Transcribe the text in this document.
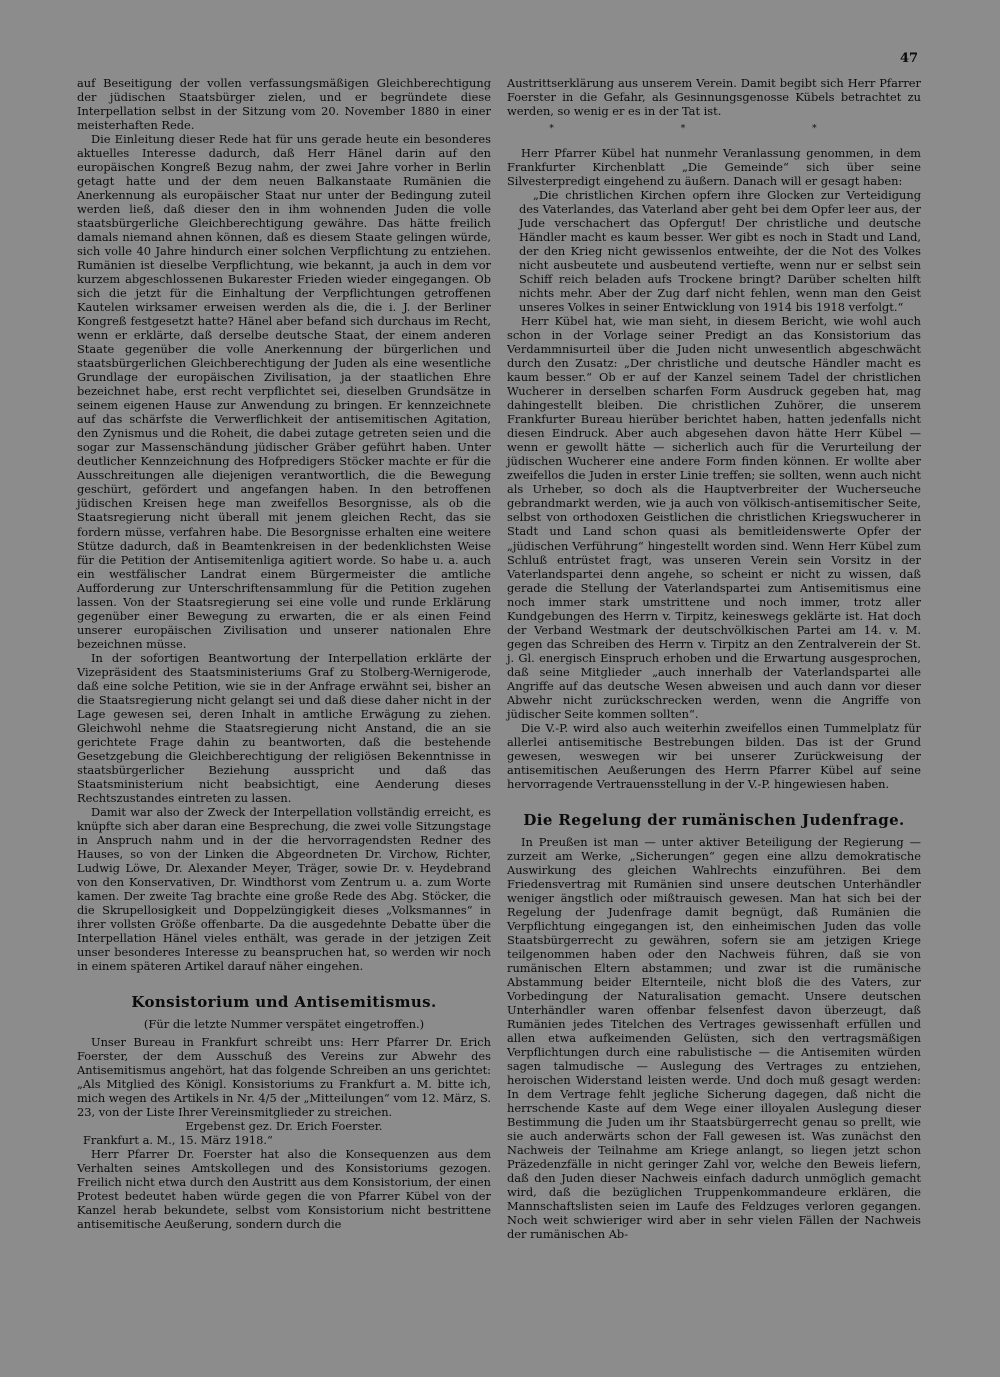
47

auf Beseitigung der vollen verfassungsmäßigen Gleichberechtigung der jüdischen Staatsbürger zielen, und er begründete diese Interpellation selbst in der Sitzung vom 20. November 1880 in einer meisterhaften Rede.

Die Einleitung dieser Rede hat für uns gerade heute ein besonderes aktuelles Interesse dadurch, daß Herr Hänel darin auf den europäischen Kongreß Bezug nahm, der zwei Jahre vorher in Berlin getagt hatte und der dem neuen Balkanstaate Rumänien die Anerkennung als europäischer Staat nur unter der Bedingung zuteil werden ließ, daß dieser den in ihm wohnenden Juden die volle staatsbürgerliche Gleichberechtigung gewähre. Das hätte freilich damals niemand ahnen können, daß es diesem Staate gelingen würde, sich volle 40 Jahre hindurch einer solchen Verpflichtung zu entziehen. Rumänien ist dieselbe Verpflichtung, wie bekannt, ja auch in dem vor kurzem abgeschlossenen Bukarester Frieden wieder eingegangen. Ob sich die jetzt für die Einhaltung der Verpflichtungen getroffenen Kautelen wirksamer erweisen werden als die, die i. J. der Berliner Kongreß festgesetzt hatte? Hänel aber befand sich durchaus im Recht, wenn er erklärte, daß derselbe deutsche Staat, der einem anderen Staate gegenüber die volle Anerkennung der bürgerlichen und staatsbürgerlichen Gleichberechtigung der Juden als eine wesentliche Grundlage der europäischen Zivilisation, ja der staatlichen Ehre bezeichnet habe, erst recht verpflichtet sei, dieselben Grundsätze in seinem eigenen Hause zur Anwendung zu bringen. Er kennzeichnete auf das schärfste die Verwerflichkeit der antisemitischen Agitation, den Zynismus und die Roheit, die dabei zutage getreten seien und die sogar zur Massenschändung jüdischer Gräber geführt haben. Unter deutlicher Kennzeichnung des Hofpredigers Stöcker machte er für die Ausschreitungen alle diejenigen verantwortlich, die die Bewegung geschürt, gefördert und angefangen haben. In den betroffenen jüdischen Kreisen hege man zweifellos Besorgnisse, als ob die Staatsregierung nicht überall mit jenem gleichen Recht, das sie fordern müsse, verfahren habe. Die Besorgnisse erhalten eine weitere Stütze dadurch, daß in Beamtenkreisen in der bedenklichsten Weise für die Petition der Antisemitenliga agitiert worde. So habe u. a. auch ein westfälischer Landrat einem Bürgermeister die amtliche Aufforderung zur Unterschriftensammlung für die Petition zugehen lassen. Von der Staatsregierung sei eine volle und runde Erklärung gegenüber einer Bewegung zu erwarten, die er als einen Feind unserer europäischen Zivilisation und unserer nationalen Ehre bezeichnen müsse.

In der sofortigen Beantwortung der Interpellation erklärte der Vizepräsident des Staatsministeriums Graf zu Stolberg-Wernigerode, daß eine solche Petition, wie sie in der Anfrage erwähnt sei, bisher an die Staatsregierung nicht gelangt sei und daß diese daher nicht in der Lage gewesen sei, deren Inhalt in amtliche Erwägung zu ziehen. Gleichwohl nehme die Staatsregierung nicht Anstand, die an sie gerichtete Frage dahin zu beantworten, daß die bestehende Gesetzgebung die Gleichberechtigung der religiösen Bekenntnisse in staatsbürgerlicher Beziehung ausspricht und daß das Staatsministerium nicht beabsichtigt, eine Aenderung dieses Rechtszustandes eintreten zu lassen.

Damit war also der Zweck der Interpellation vollständig erreicht, es knüpfte sich aber daran eine Besprechung, die zwei volle Sitzungstage in Anspruch nahm und in der die hervorragendsten Redner des Hauses, so von der Linken die Abgeordneten Dr. Virchow, Richter, Ludwig Löwe, Dr. Alexander Meyer, Träger, sowie Dr. v. Heydebrand von den Konservativen, Dr. Windthorst vom Zentrum u. a. zum Worte kamen. Der zweite Tag brachte eine große Rede des Abg. Stöcker, die die Skrupellosigkeit und Doppelzüngigkeit dieses „Volksmannes“ in ihrer vollsten Größe offenbarte. Da die ausgedehnte Debatte über die Interpellation Hänel vieles enthält, was gerade in der jetzigen Zeit unser besonderes Interesse zu beanspruchen hat, so werden wir noch in einem späteren Artikel darauf näher eingehen.

Konsistorium und Antisemitismus.
(Für die letzte Nummer verspätet eingetroffen.)

Unser Bureau in Frankfurt schreibt uns: Herr Pfarrer Dr. Erich Foerster, der dem Ausschuß des Vereins zur Abwehr des Antisemitismus angehört, hat das folgende Schreiben an uns gerichtet: „Als Mitglied des Königl. Konsistoriums zu Frankfurt a. M. bitte ich, mich wegen des Artikels in Nr. 4/5 der „Mitteilungen“ vom 12. März, S. 23, von der Liste Ihrer Vereinsmitglieder zu streichen.

Ergebenst gez. Dr. Erich Foerster.

Frankfurt a. M., 15. März 1918.“

Herr Pfarrer Dr. Foerster hat also die Konsequenzen aus dem Verhalten seines Amtskollegen und des Konsistoriums gezogen. Freilich nicht etwa durch den Austritt aus dem Konsistorium, der einen Protest bedeutet haben würde gegen die von Pfarrer Kübel von der Kanzel herab bekundete, selbst vom Konsistorium nicht bestrittene antisemitische Aeußerung, sondern durch die

Austrittserklärung aus unserem Verein. Damit begibt sich Herr Pfarrer Foerster in die Gefahr, als Gesinnungsgenosse Kübels betrachtet zu werden, so wenig er es in der Tat ist.

* * *

Herr Pfarrer Kübel hat nunmehr Veranlassung genommen, in dem Frankfurter Kirchenblatt „Die Gemeinde“ sich über seine Silvesterpredigt eingehend zu äußern. Danach will er gesagt haben:

„Die christlichen Kirchen opfern ihre Glocken zur Verteidigung des Vaterlandes, das Vaterland aber geht bei dem Opfer leer aus, der Jude verschachert das Opfergut! Der christliche und deutsche Händler macht es kaum besser. Wer gibt es noch in Stadt und Land, der den Krieg nicht gewissenlos entweihte, der die Not des Volkes nicht ausbeutete und ausbeutend vertiefte, wenn nur er selbst sein Schiff reich beladen aufs Trockene bringt? Darüber schelten hilft nichts mehr. Aber der Zug darf nicht fehlen, wenn man den Geist unseres Volkes in seiner Entwicklung von 1914 bis 1918 verfolgt.“

Herr Kübel hat, wie man sieht, in diesem Bericht, wie wohl auch schon in der Vorlage seiner Predigt an das Konsistorium das Verdammnisurteil über die Juden nicht unwesentlich abgeschwächt durch den Zusatz: „Der christliche und deutsche Händler macht es kaum besser.“ Ob er auf der Kanzel seinem Tadel der christlichen Wucherer in derselben scharfen Form Ausdruck gegeben hat, mag dahingestellt bleiben. Die christlichen Zuhörer, die unserem Frankfurter Bureau hierüber berichtet haben, hatten jedenfalls nicht diesen Eindruck. Aber auch abgesehen davon hätte Herr Kübel — wenn er gewollt hätte — sicherlich auch für die Verurteilung der jüdischen Wucherer eine andere Form finden können. Er wollte aber zweifellos die Juden in erster Linie treffen; sie sollten, wenn auch nicht als Urheber, so doch als die Hauptverbreiter der Wucherseuche gebrandmarkt werden, wie ja auch von völkisch-antisemitischer Seite, selbst von orthodoxen Geistlichen die christlichen Kriegswucherer in Stadt und Land schon quasi als bemitleidenswerte Opfer der „jüdischen Verführung“ hingestellt worden sind. Wenn Herr Kübel zum Schluß entrüstet fragt, was unseren Verein sein Vorsitz in der Vaterlandspartei denn angehe, so scheint er nicht zu wissen, daß gerade die Stellung der Vaterlandspartei zum Antisemitismus eine noch immer stark umstrittene und noch immer, trotz aller Kundgebungen des Herrn v. Tirpitz, keineswegs geklärte ist. Hat doch der Verband Westmark der deutschvölkischen Partei am 14. v. M. gegen das Schreiben des Herrn v. Tirpitz an den Zentralverein der St. j. Gl. energisch Einspruch erhoben und die Erwartung ausgesprochen, daß seine Mitglieder „auch innerhalb der Vaterlandspartei alle Angriffe auf das deutsche Wesen abweisen und auch dann vor dieser Abwehr nicht zurückschrecken werden, wenn die Angriffe von jüdischer Seite kommen sollten“.

Die V.-P. wird also auch weiterhin zweifellos einen Tummelplatz für allerlei antisemitische Bestrebungen bilden. Das ist der Grund gewesen, weswegen wir bei unserer Zurückweisung der antisemitischen Aeußerungen des Herrn Pfarrer Kübel auf seine hervorragende Vertrauensstellung in der V.-P. hingewiesen haben.

Die Regelung der rumänischen Judenfrage.

In Preußen ist man — unter aktiver Beteiligung der Regierung — zurzeit am Werke, „Sicherungen“ gegen eine allzu demokratische Auswirkung des gleichen Wahlrechts einzuführen. Bei dem Friedensvertrag mit Rumänien sind unsere deutschen Unterhändler weniger ängstlich oder mißtrauisch gewesen. Man hat sich bei der Regelung der Judenfrage damit begnügt, daß Rumänien die Verpflichtung eingegangen ist, den einheimischen Juden das volle Staatsbürgerrecht zu gewähren, sofern sie am jetzigen Kriege teilgenommen haben oder den Nachweis führen, daß sie von rumänischen Eltern abstammen; und zwar ist die rumänische Abstammung beider Elternteile, nicht bloß die des Vaters, zur Vorbedingung der Naturalisation gemacht. Unsere deutschen Unterhändler waren offenbar felsenfest davon überzeugt, daß Rumänien jedes Titelchen des Vertrages gewissenhaft erfüllen und allen etwa aufkeimenden Gelüsten, sich den vertragsmäßigen Verpflichtungen durch eine rabulistische — die Antisemiten würden sagen talmudische — Auslegung des Vertrages zu entziehen, heroischen Widerstand leisten werde. Und doch muß gesagt werden: In dem Vertrage fehlt jegliche Sicherung dagegen, daß nicht die herrschende Kaste auf dem Wege einer illoyalen Auslegung dieser Bestimmung die Juden um ihr Staatsbürgerrecht genau so prellt, wie sie auch anderwärts schon der Fall gewesen ist. Was zunächst den Nachweis der Teilnahme am Kriege anlangt, so liegen jetzt schon Präzedenzfälle in nicht geringer Zahl vor, welche den Beweis liefern, daß den Juden dieser Nachweis einfach dadurch unmöglich gemacht wird, daß die bezüglichen Truppenkommandeure erklären, die Mannschaftslisten seien im Laufe des Feldzuges verloren gegangen. Noch weit schwieriger wird aber in sehr vielen Fällen der Nachweis der rumänischen Ab-
